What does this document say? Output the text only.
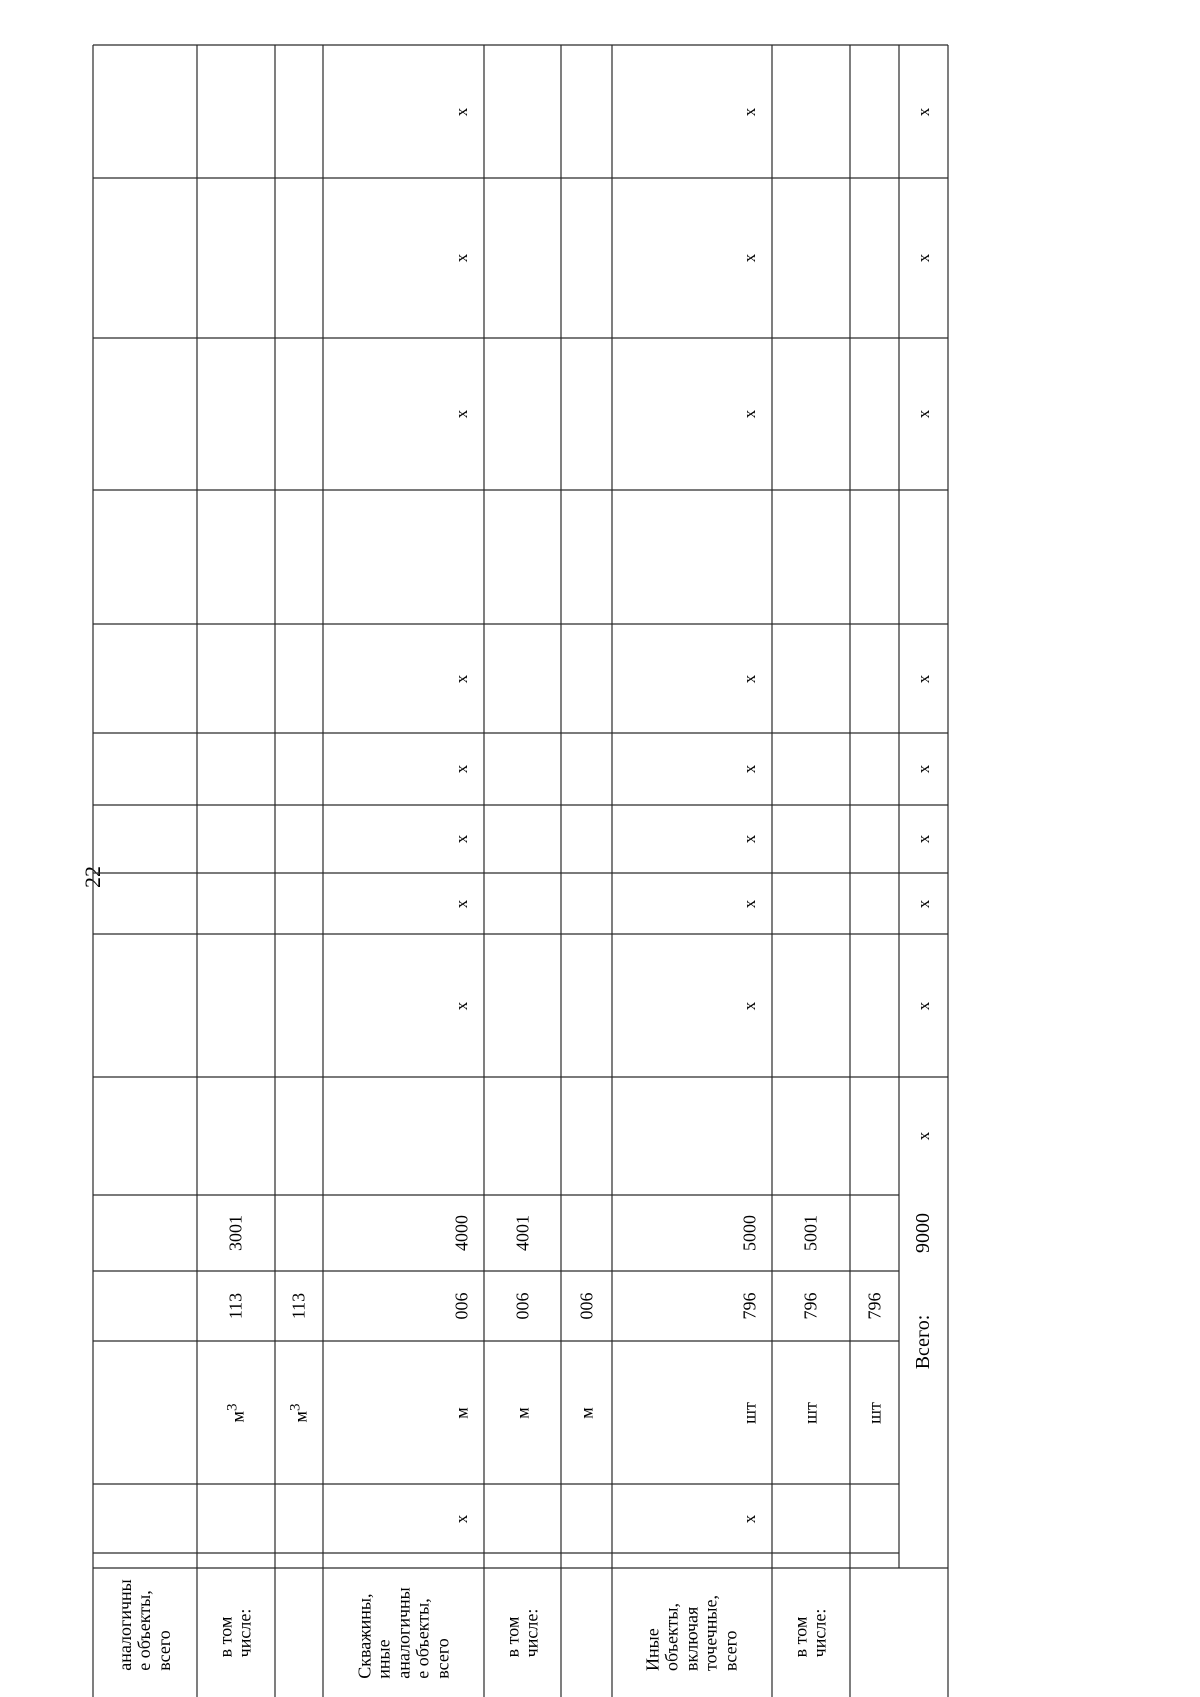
22
аналогичны
е объекты,
всего в том
числе:
$м^3$
113
3001
$м^3$
113
Скважины,
иные
аналогичны
е объекты,
всего
х
м
006
4000
х
х
х
х
х
х
х
х
в том
числе:
м
006
4001
м
006
Иные
объекты,
включая
точечные,
всего
х
шт
796
5000
х
х
х
х
х
х
х
х
в том
числе:
шт
796
5001
шт
796
Всего:
9000
х
х
х
х
х
х
х
х
х
